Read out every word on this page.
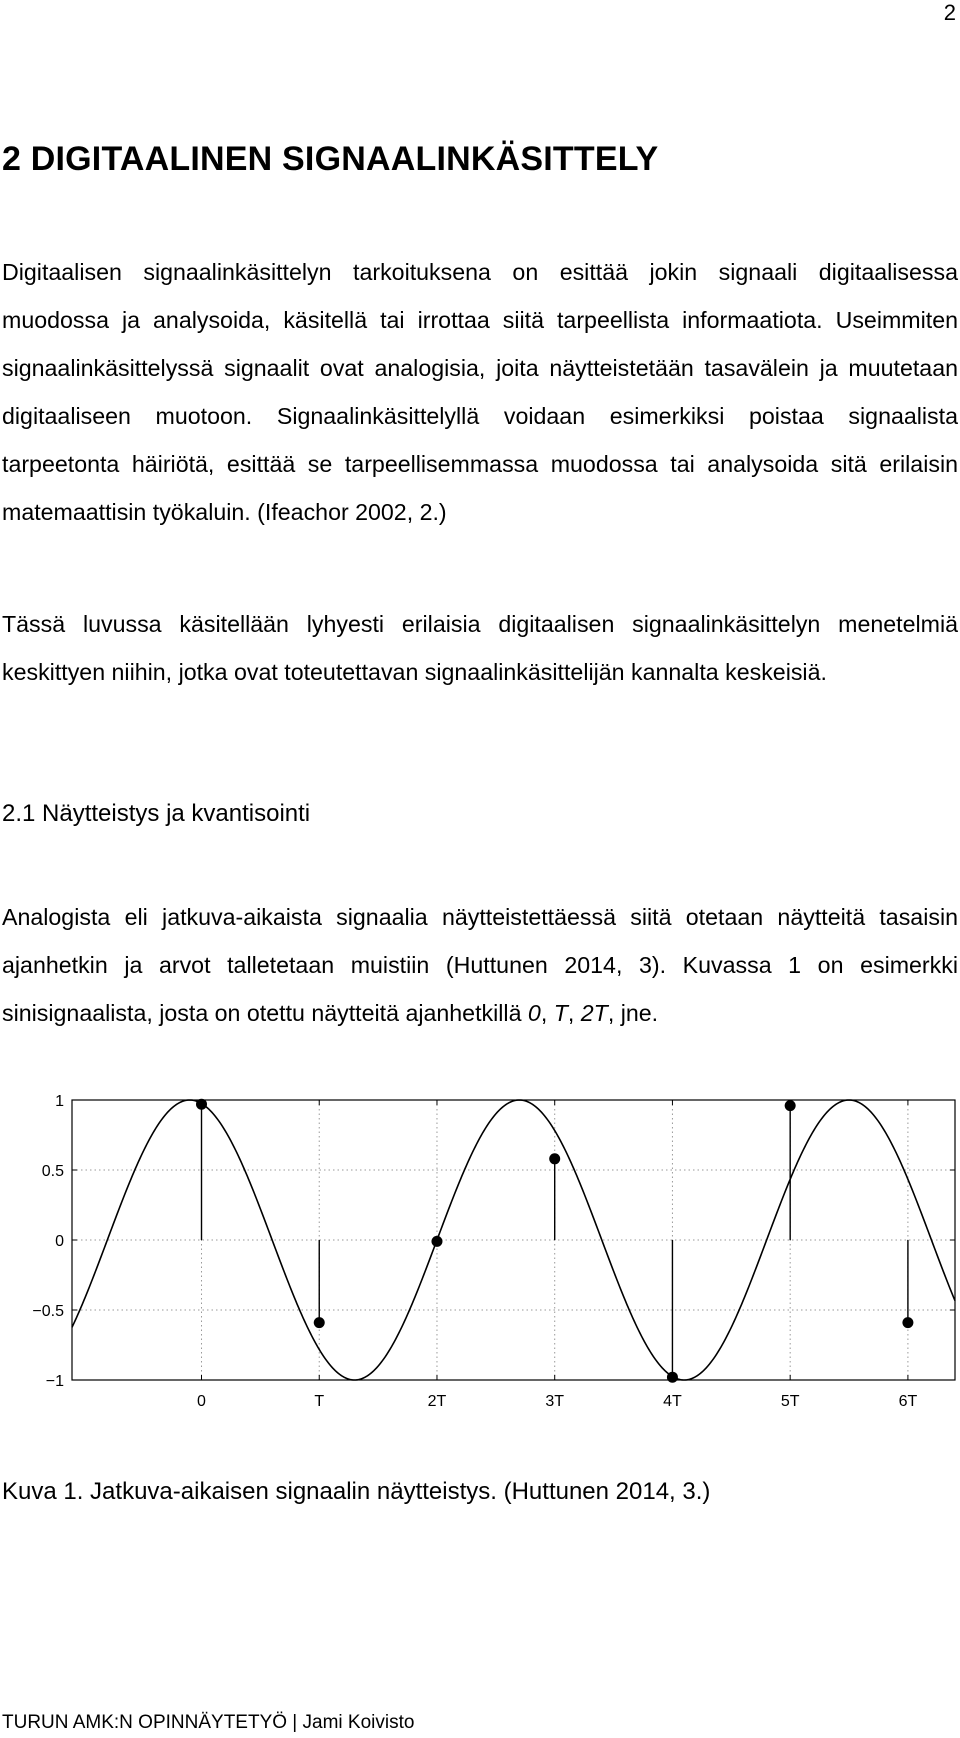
2
2 DIGITAALINEN SIGNAALINKÄSITTELY

Digitaalisen signaalinkäsittelyn tarkoituksena on esittää jokin signaali digitaalisessa muodossa ja analysoida, käsitellä tai irrottaa siitä tarpeellista informaatiota. Useimmiten signaalinkäsittelyssä signaalit ovat analogisia, joita näytteistetään tasavälein ja muutetaan digitaaliseen muotoon. Signaalinkäsittelyllä voidaan esimerkiksi poistaa signaalista tarpeetonta häiriötä, esittää se tarpeellisemmassa muodossa tai analysoida sitä erilaisin matemaattisin työkaluin. (Ifeachor 2002, 2.)

Tässä luvussa käsitellään lyhyesti erilaisia digitaalisen signaalinkäsittelyn menetelmiä keskittyen niihin, jotka ovat toteutettavan signaalinkäsittelijän kannalta keskeisiä.

2.1 Näytteistys ja kvantisointi

Analogista eli jatkuva-aikaista signaalia näytteistettäessä siitä otetaan näytteitä tasaisin ajanhetkin ja arvot talletetaan muistiin (Huttunen 2014, 3). Kuvassa 1 on esimerkki sinisignaalista, josta on otettu näytteitä ajanhetkillä 0, T, 2T, jne.

0	T	2T	3T	4T	5T	6T
1
0.5
0
−0.5
−1

Kuva 1. Jatkuva-aikaisen signaalin näytteistys. (Huttunen 2014, 3.)

TURUN AMK:N OPINNÄYTETYÖ | Jami Koivisto
